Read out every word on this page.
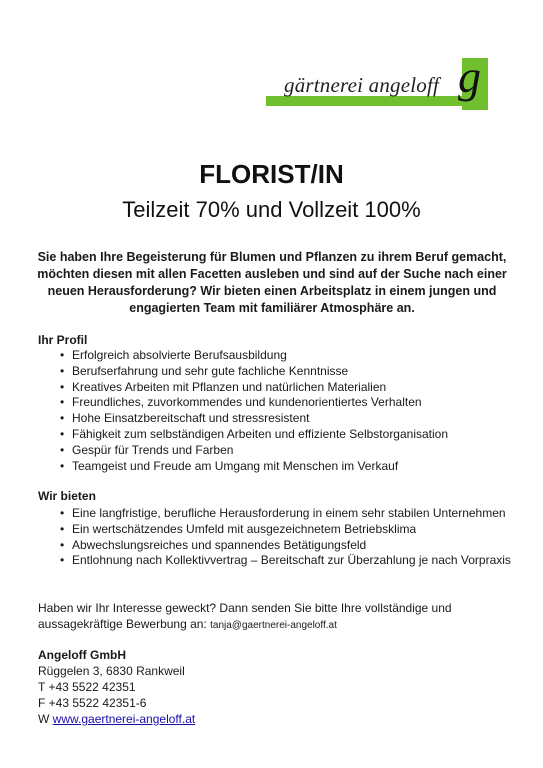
gärtnerei angeloff g
FLORIST/IN
Teilzeit 70% und Vollzeit 100%

Sie haben Ihre Begeisterung für Blumen und Pflanzen zu ihrem Beruf gemacht, möchten diesen mit allen Facetten ausleben und sind auf der Suche nach einer neuen Herausforderung? Wir bieten einen Arbeitsplatz in einem jungen und engagierten Team mit familiärer Atmosphäre an.

Ihr Profil

• Erfolgreich absolvierte Berufsausbildung
• Berufserfahrung und sehr gute fachliche Kenntnisse
• Kreatives Arbeiten mit Pflanzen und natürlichen Materialien
• Freundliches, zuvorkommendes und kundenorientiertes Verhalten
• Hohe Einsatzbereitschaft und stressresistent
• Fähigkeit zum selbständigen Arbeiten und effiziente Selbstorganisation
• Gespür für Trends und Farben
• Teamgeist und Freude am Umgang mit Menschen im Verkauf

Wir bieten

• Eine langfristige, berufliche Herausforderung in einem sehr stabilen Unternehmen
• Ein wertschätzendes Umfeld mit ausgezeichnetem Betriebsklima
• Abwechslungsreiches und spannendes Betätigungsfeld
• Entlohnung nach Kollektivvertrag – Bereitschaft zur Überzahlung je nach Vorpraxis
Haben wir Ihr Interesse geweckt? Dann senden Sie bitte Ihre vollständige und
aussagekräftige Bewerbung an: tanja@gaertnerei-angeloff.at
Angeloff GmbH
Rüggelen 3, 6830 Rankweil
T +43 5522 42351
F +43 5522 42351-6
W www.gaertnerei-angeloff.at
